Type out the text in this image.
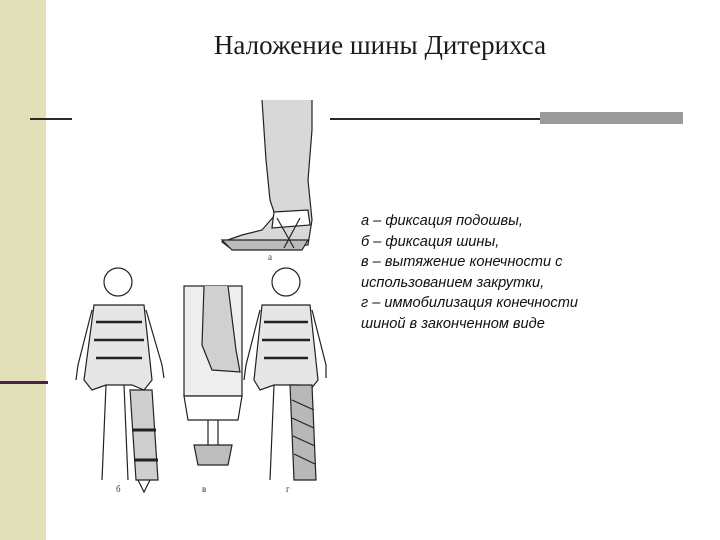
Наложение шины Дитерихса
а
б	в	г
а – фиксация подошвы,
б – фиксация шины,
в – вытяжение конечности с
использованием закрутки,
г – иммобилизация конечности
шиной в законченном виде
